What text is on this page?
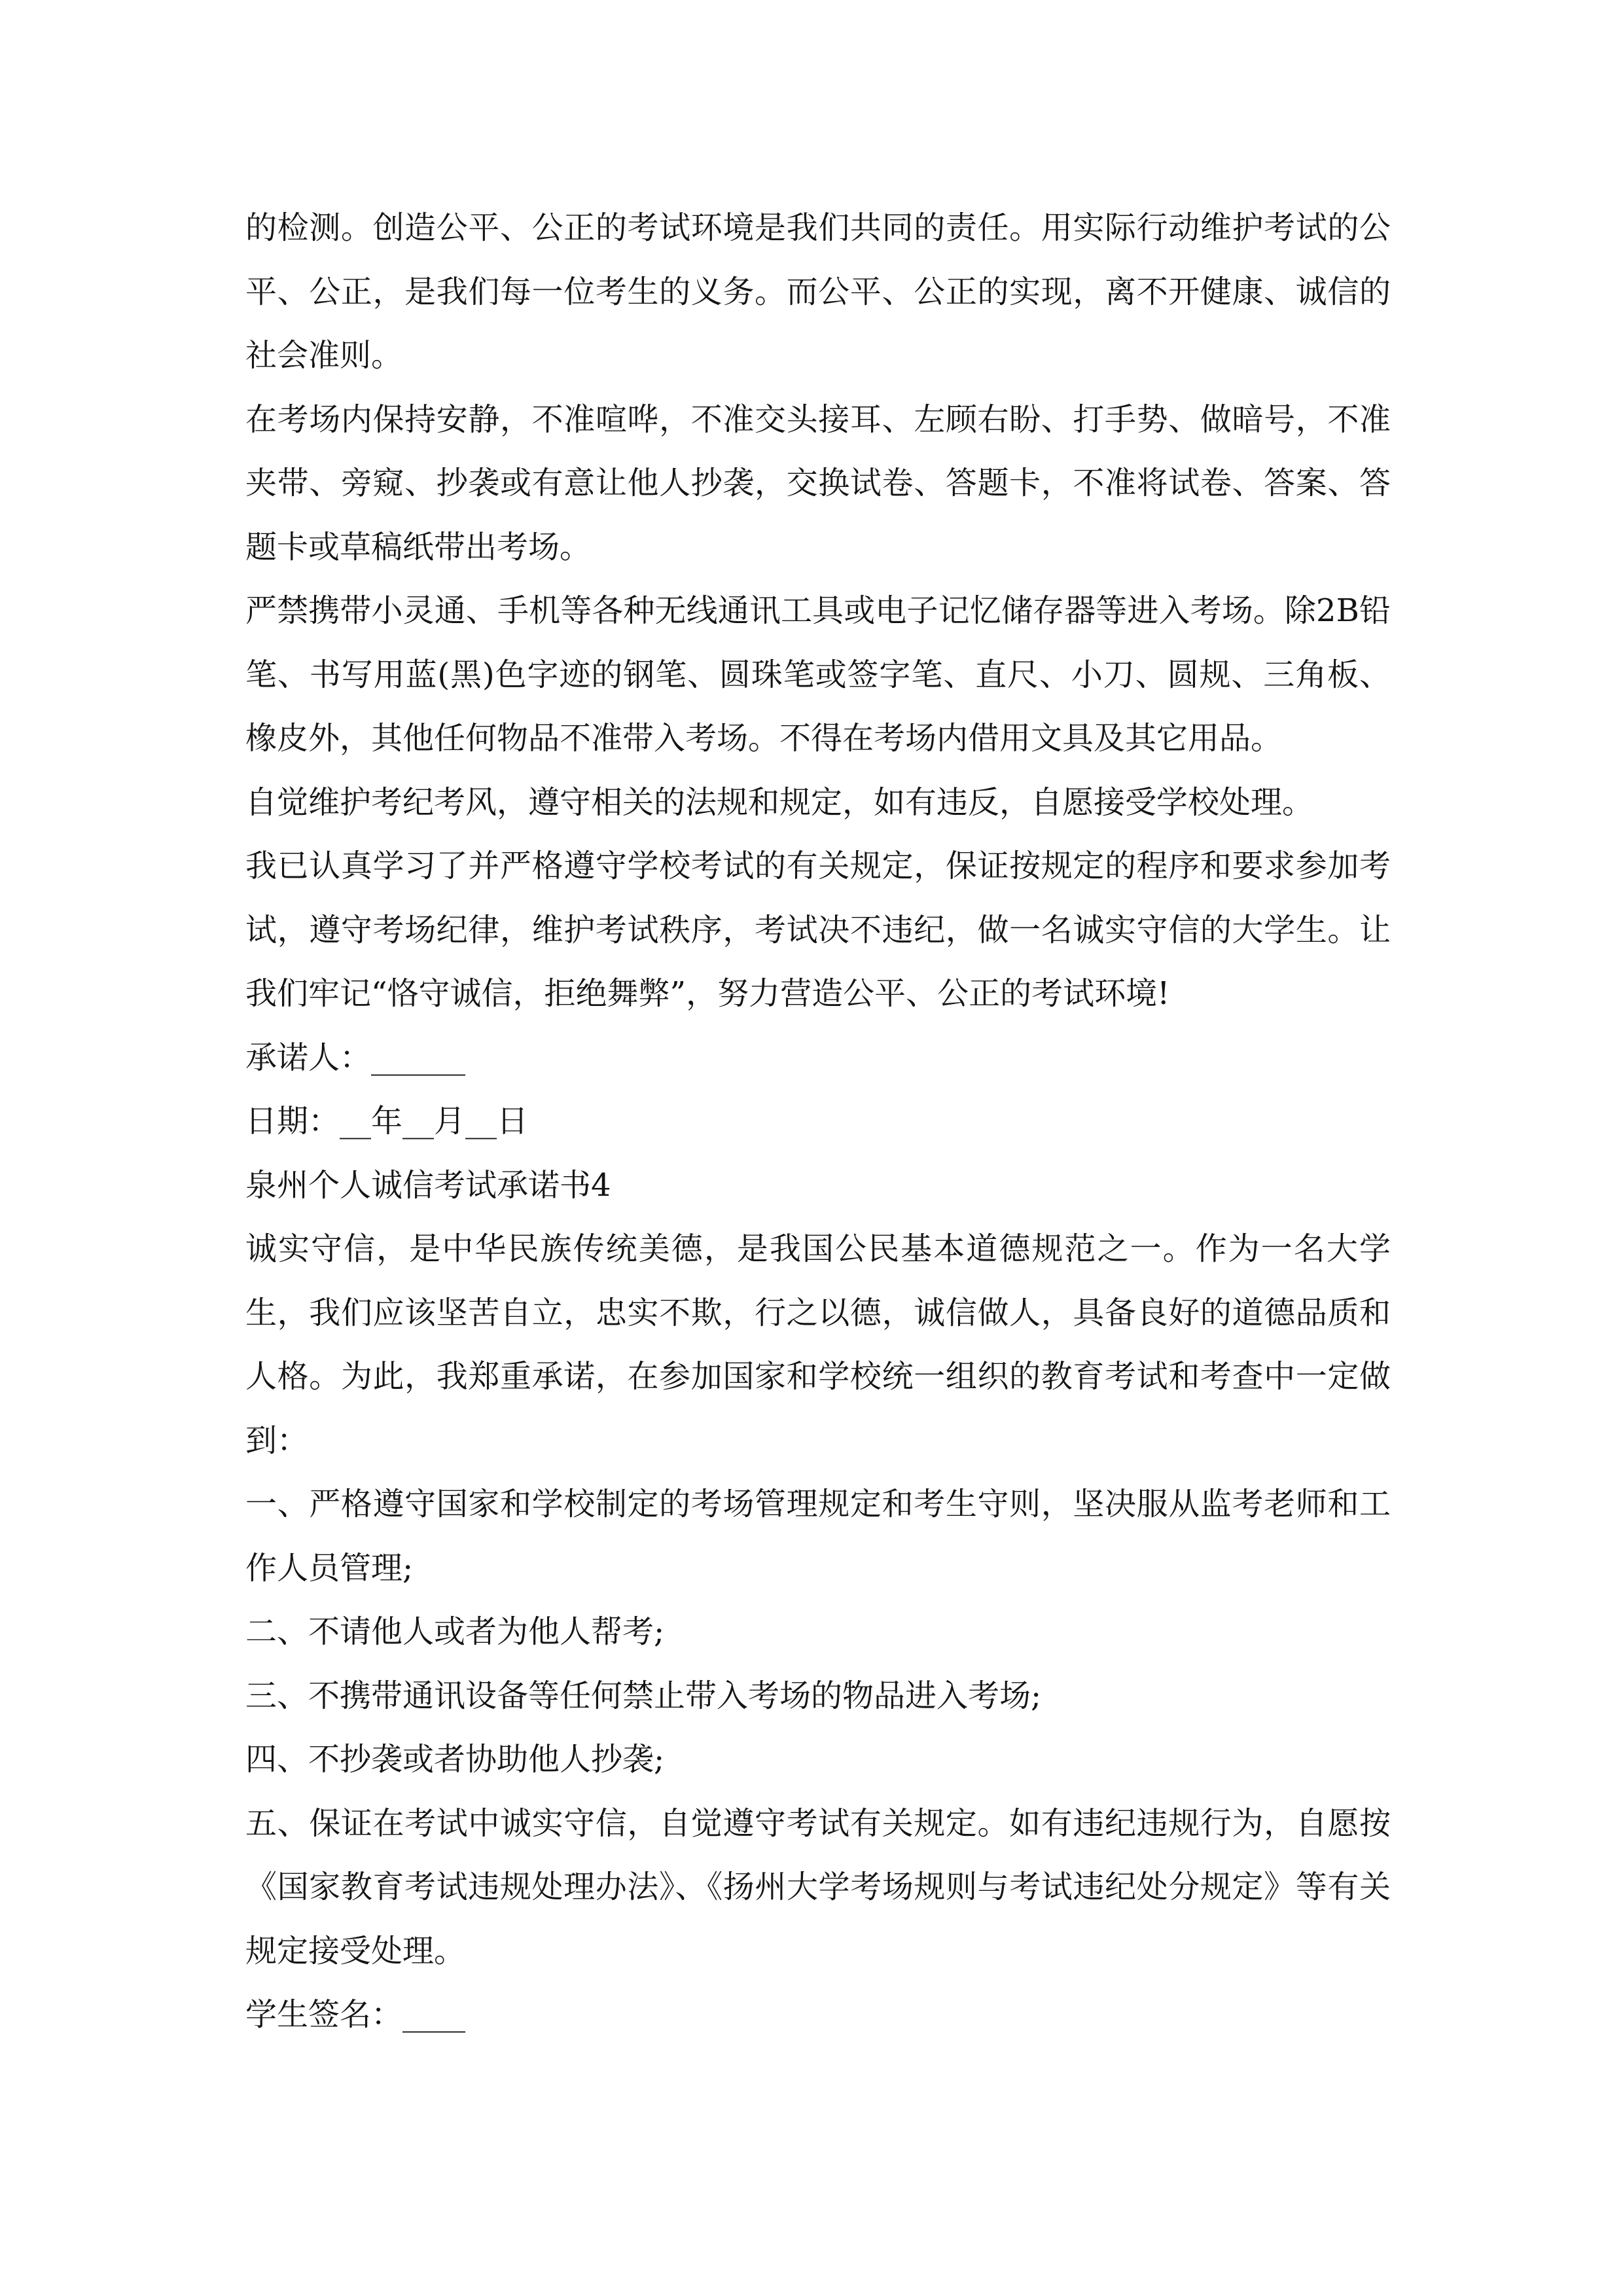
的检测。创造公平、公正的考试环境是我们共同的责任。用实际行动维护考试的公平、公正，是我们每一位考生的义务。而公平、公正的实现，离不开健康、诚信的社会准则。

在考场内保持安静，不准喧哗，不准交头接耳、左顾右盼、打手势、做暗号，不准夹带、旁窥、抄袭或有意让他人抄袭，交换试卷、答题卡，不准将试卷、答案、答题卡或草稿纸带出考场。

严禁携带小灵通、手机等各种无线通讯工具或电子记忆储存器等进入考场。除2B铅笔、书写用蓝(黑)色字迹的钢笔、圆珠笔或签字笔、直尺、小刀、圆规、三角板、橡皮外，其他任何物品不准带入考场。不得在考场内借用文具及其它用品。

自觉维护考纪考风，遵守相关的法规和规定，如有违反，自愿接受学校处理。

我已认真学习了并严格遵守学校考试的有关规定，保证按规定的程序和要求参加考试，遵守考场纪律，维护考试秩序，考试决不违纪，做一名诚实守信的大学生。让我们牢记“恪守诚信，拒绝舞弊”，努力营造公平、公正的考试环境!

承诺人：______

日期：__年__月__日

泉州个人诚信考试承诺书4

诚实守信，是中华民族传统美德，是我国公民基本道德规范之一。作为一名大学生，我们应该坚苦自立，忠实不欺，行之以德，诚信做人，具备良好的道德品质和人格。为此，我郑重承诺，在参加国家和学校统一组织的教育考试和考查中一定做到：

一、严格遵守国家和学校制定的考场管理规定和考生守则，坚决服从监考老师和工作人员管理;

二、不请他人或者为他人帮考;

三、不携带通讯设备等任何禁止带入考场的物品进入考场;

四、不抄袭或者协助他人抄袭;

五、保证在考试中诚实守信，自觉遵守考试有关规定。如有违纪违规行为，自愿按《国家教育考试违规处理办法》、《扬州大学考场规则与考试违纪处分规定》等有关规定接受处理。

学生签名：____
